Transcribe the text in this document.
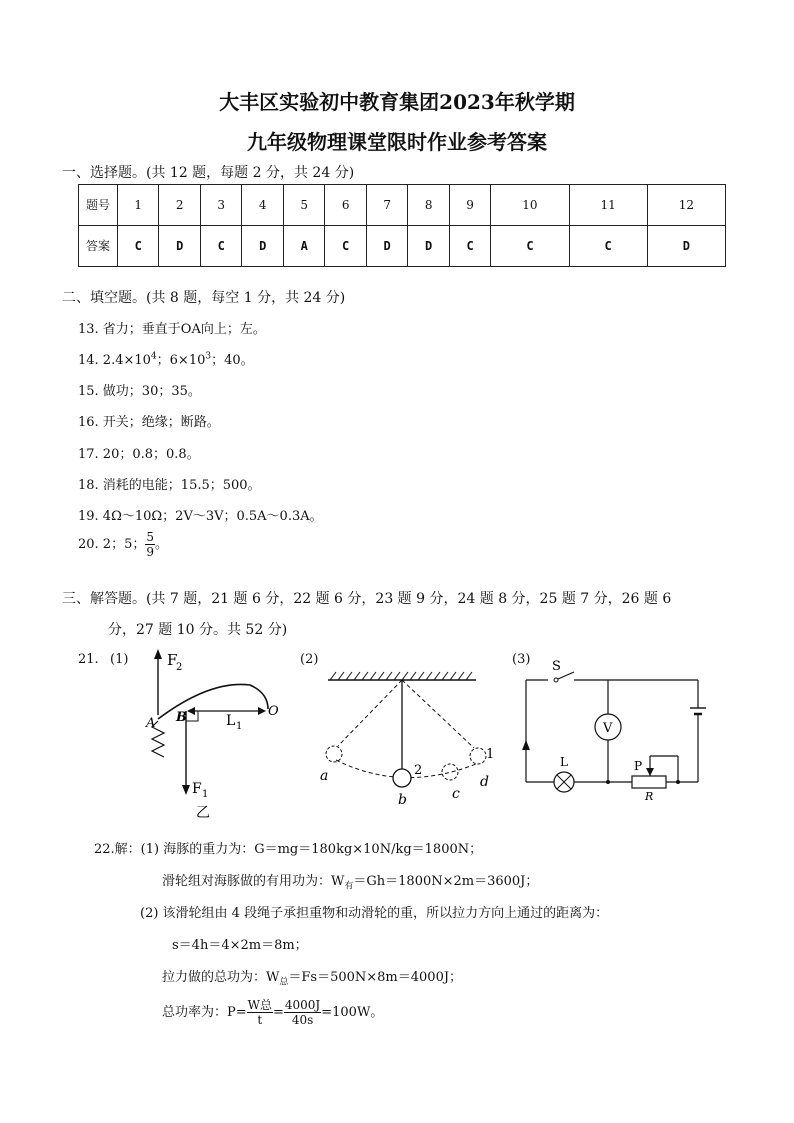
大丰区实验初中教育集团2023年秋学期
九年级物理课堂限时作业参考答案
一、选择题。(共 12 题，每题 2 分，共 24 分)
题号	1	2	3	4	5	6	7	8	9	10	11	12
答案	C	D	C	D	A	C	D	D	C	C	C	D
二、填空题。(共 8 题，每空 1 分，共 24 分)
13. 省力；垂直于OA向上；左。
14. $2.4\times 10^4$；$6\times 10^3$；40。
15. 做功；30；35。
16. 开关；绝缘；断路。
17. 20；0.8；0.8。
18. 消耗的电能；15.5；500。
19. 4Ω～10Ω；2V～3V；0.5A～0.3A。
20. 2；5； $\frac{5}{9}$ 。
三、解答题。(共 7 题，21 题 6 分，22 题 6 分，23 题 9 分，24 题 8 分，25 题 7 分，26 题 6
分，27 题 10 分。共 52 分)
21. (1)	(2)	(3)
F
2
L 1
O
A B
F 1
乙
a
b	c
d
2
1
S
L
V
R
P
22.解：(1) 海豚的重力为：G＝mg＝180kg×10N/kg＝1800N；
滑轮组对海豚做的有用功为：$W_有=Gh=1800N\times 2m=3600J$；
(2) 该滑轮组由 4 段绳子承担重物和动滑轮的重，所以拉力方向上通过的距离为：
s＝4h＝4×2m＝8m；
拉力做的总功为：$W_总=Fs=500N\times 8m=4000J$；
总功率为：$P= \frac{\text{W总}}{t} = \frac{4000J}{40s} =100W$。
